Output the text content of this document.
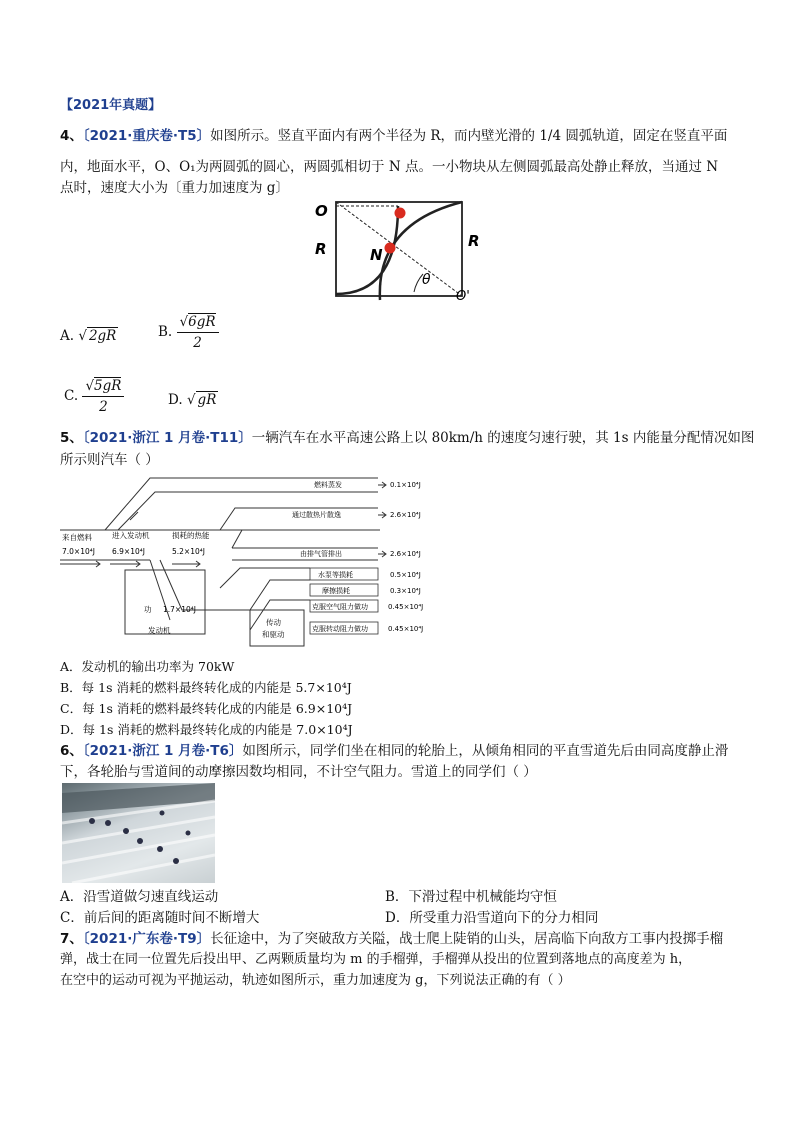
【2021年真题】
4、〔2021·重庆卷·T5〕如图所示。竖直平面内有两个半径为 R，而内壁光滑的 1/4 圆弧轨道，固定在竖直平面
内，地面水平，O、O₁为两圆弧的圆心，两圆弧相切于 N 点。一小物块从左侧圆弧最高处静止释放，当通过 N
点时，速度大小为〔重力加速度为 g〕
O
R	R
N
θ
O'
A. √ 2gR	B. $\frac{√6gR}{2}$
C. $\frac{√5gR}{2}$	D. √ gR
5、〔2021·浙江 1 月卷·T11〕一辆汽车在水平高速公路上以 80km/h 的速度匀速行驶，其 1s 内能量分配情况如图
所示则汽车（ ）
来自燃料
7.0×10⁴J
进入发动机
6.9×10⁴J
损耗的热能
5.2×10⁴J
功 1.7×10⁴J
发动机
传动
和驱动
燃料蒸发	0.1×10⁴J
通过散热片散逸	2.6×10⁴J
由排气管排出	2.6×10⁴J
水泵等损耗	0.5×10⁴J
摩擦损耗	0.3×10⁴J
克服空气阻力做功	0.45×10⁴J
克服转动阻力做功	0.45×10⁴J
A．发动机的输出功率为 70kW
B．每 1s 消耗的燃料最终转化成的内能是 5.7×10⁴J
C．每 1s 消耗的燃料最终转化成的内能是 6.9×10⁴J
D．每 1s 消耗的燃料最终转化成的内能是 7.0×10⁴J
6、〔2021·浙江 1 月卷·T6〕如图所示，同学们坐在相同的轮胎上，从倾角相同的平直雪道先后由同高度静止滑
下，各轮胎与雪道间的动摩擦因数均相同，不计空气阻力。雪道上的同学们（ ）
A．沿雪道做匀速直线运动	B．下滑过程中机械能均守恒
C．前后间的距离随时间不断增大	D．所受重力沿雪道向下的分力相同
7、〔2021·广东卷·T9〕长征途中，为了突破敌方关隘，战士爬上陡销的山头，居高临下向敌方工事内投掷手榴
弹，战士在同一位置先后投出甲、乙两颗质量均为 m 的手榴弹，手榴弹从投出的位置到落地点的高度差为 h，
在空中的运动可视为平抛运动，轨迹如图所示，重力加速度为 g，下列说法正确的有（ ）
